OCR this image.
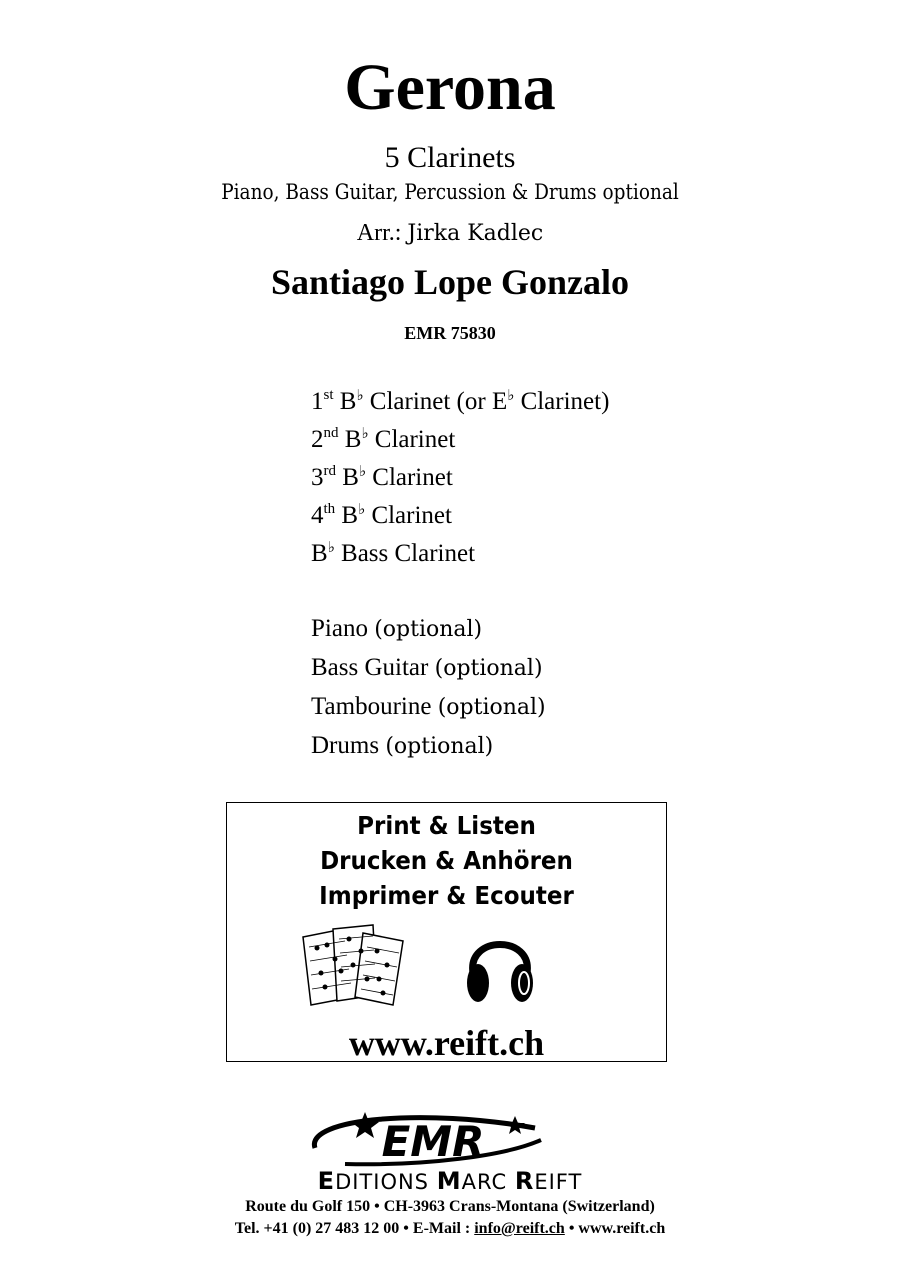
Gerona
5 Clarinets
Piano, Bass Guitar, Percussion & Drums optional
Arr.: Jirka Kadlec
Santiago Lope Gonzalo
EMR 75830
1st B♭ Clarinet (or E♭ Clarinet)
2nd B♭ Clarinet
3rd B♭ Clarinet
4th B♭ Clarinet
B♭ Bass Clarinet
Piano (optional)
Bass Guitar (optional)
Tambourine (optional)
Drums (optional)
Print & Listen
Drucken & Anhören
Imprimer & Ecouter
www.reift.ch
EMR
EDITIONS MARC REIFT
Route du Golf 150 • CH-3963 Crans-Montana (Switzerland)
Tel. +41 (0) 27 483 12 00 • E-Mail : info@reift.ch • www.reift.ch
